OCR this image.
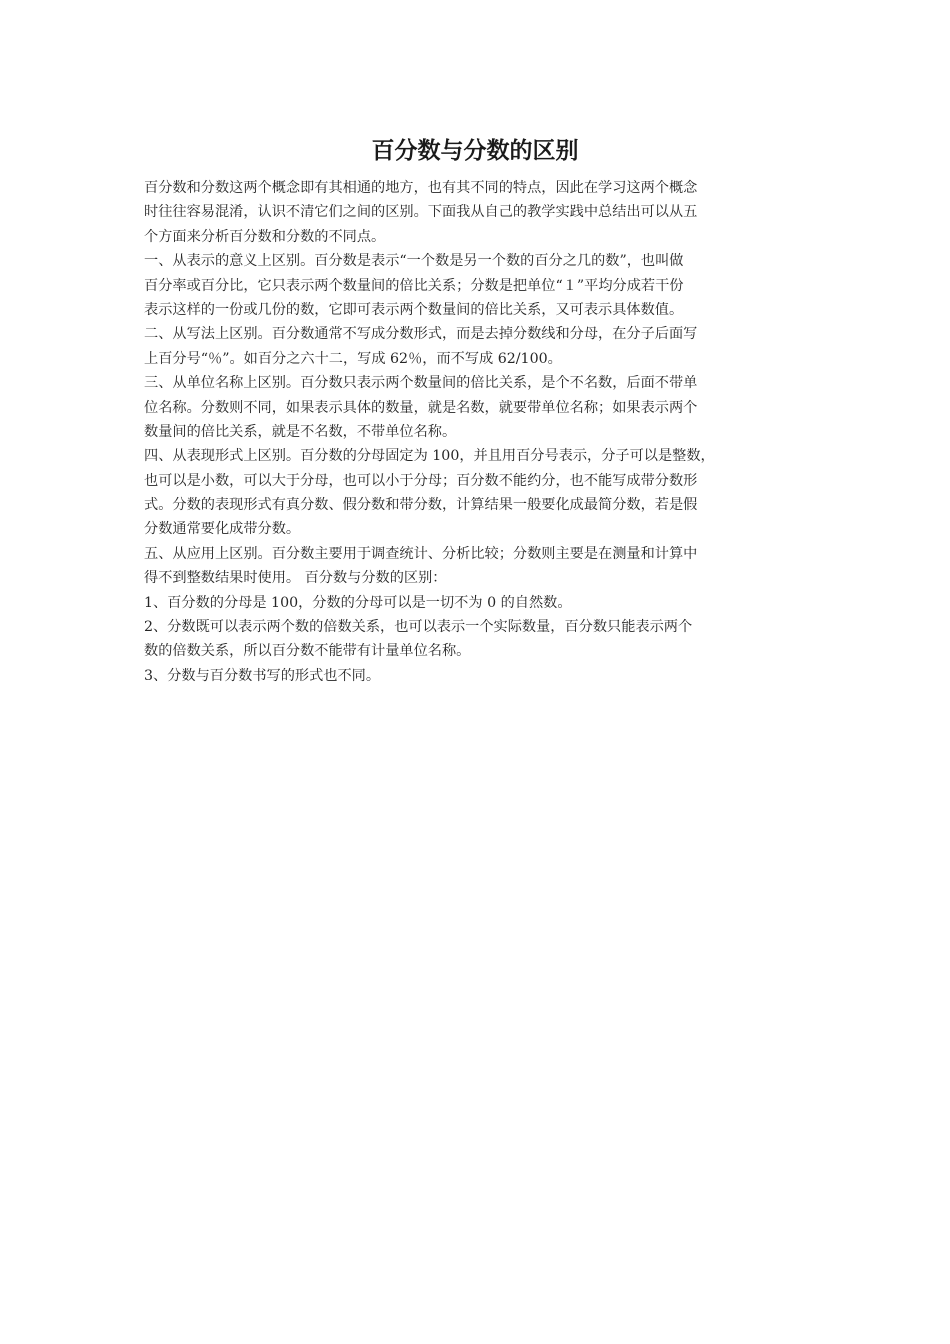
百分数与分数的区别
百分数和分数这两个概念即有其相通的地方，也有其不同的特点，因此在学习这两个概念
时往往容易混淆，认识不清它们之间的区别。下面我从自己的教学实践中总结出可以从五
个方面来分析百分数和分数的不同点。
一、从表示的意义上区别。百分数是表示“一个数是另一个数的百分之几的数”，也叫做
百分率或百分比，它只表示两个数量间的倍比关系；分数是把单位“１”平均分成若干份
表示这样的一份或几份的数，它即可表示两个数量间的倍比关系，又可表示具体数值。
二、从写法上区别。百分数通常不写成分数形式，而是去掉分数线和分母，在分子后面写
上百分号“％”。如百分之六十二，写成 62％，而不写成 62/100。
三、从单位名称上区别。百分数只表示两个数量间的倍比关系，是个不名数，后面不带单
位名称。分数则不同，如果表示具体的数量，就是名数，就要带单位名称；如果表示两个
数量间的倍比关系，就是不名数，不带单位名称。
四、从表现形式上区别。百分数的分母固定为 100，并且用百分号表示，分子可以是整数，
也可以是小数，可以大于分母，也可以小于分母；百分数不能约分，也不能写成带分数形
式。分数的表现形式有真分数、假分数和带分数，计算结果一般要化成最简分数，若是假
分数通常要化成带分数。
五、从应用上区别。百分数主要用于调查统计、分析比较；分数则主要是在测量和计算中
得不到整数结果时使用。 百分数与分数的区别：
1、百分数的分母是 100，分数的分母可以是一切不为 0 的自然数。
2、分数既可以表示两个数的倍数关系，也可以表示一个实际数量，百分数只能表示两个
数的倍数关系，所以百分数不能带有计量单位名称。
3、分数与百分数书写的形式也不同。
